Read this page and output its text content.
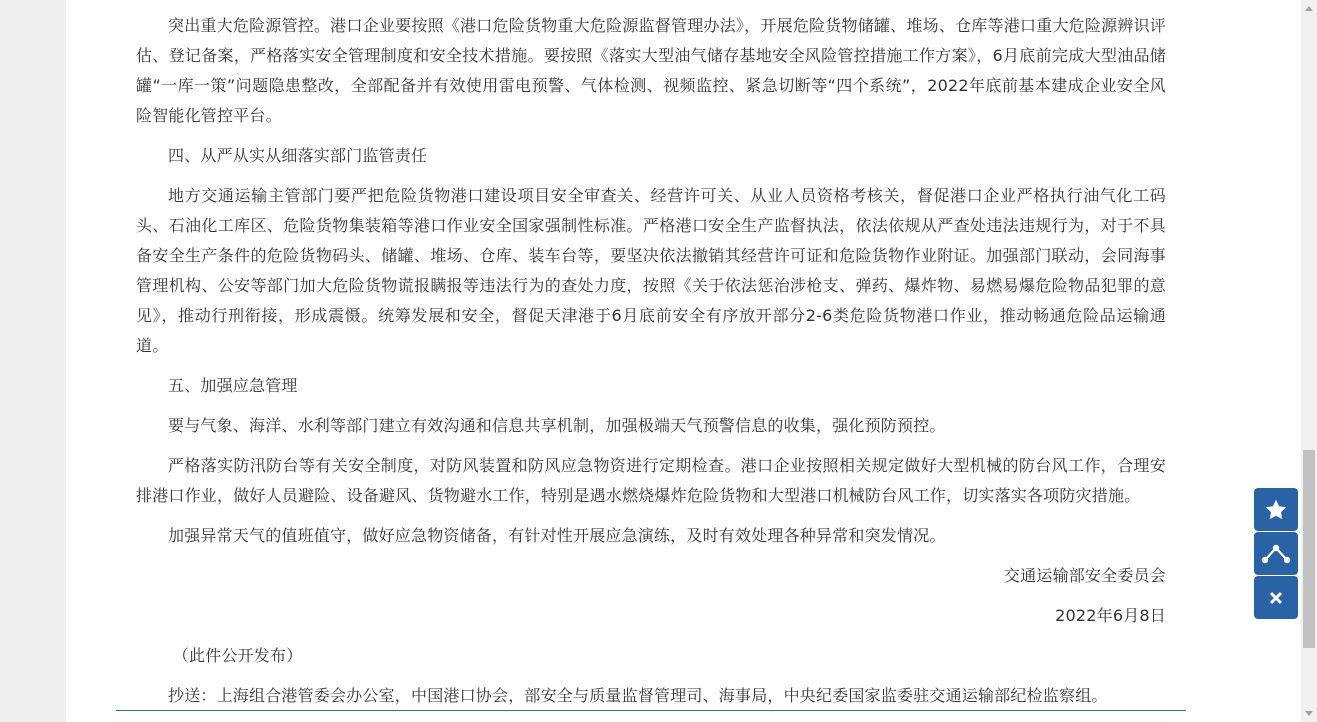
突出重大危险源管控。港口企业要按照《港口危险货物重大危险源监督管理办法》，开展危险货物储罐、堆场、仓库等港口重大危险源辨识评估、登记备案，严格落实安全管理制度和安全技术措施。要按照《落实大型油气储存基地安全风险管控措施工作方案》，6月底前完成大型油品储罐“一库一策”问题隐患整改，全部配备并有效使用雷电预警、气体检测、视频监控、紧急切断等“四个系统”，2022年底前基本建成企业安全风险智能化管控平台。

四、从严从实从细落实部门监管责任

地方交通运输主管部门要严把危险货物港口建设项目安全审查关、经营许可关、从业人员资格考核关，督促港口企业严格执行油气化工码头、石油化工库区、危险货物集装箱等港口作业安全国家强制性标准。严格港口安全生产监督执法，依法依规从严查处违法违规行为，对于不具备安全生产条件的危险货物码头、储罐、堆场、仓库、装车台等，要坚决依法撤销其经营许可证和危险货物作业附证。加强部门联动，会同海事管理机构、公安等部门加大危险货物谎报瞒报等违法行为的查处力度，按照《关于依法惩治涉枪支、弹药、爆炸物、易燃易爆危险物品犯罪的意见》，推动行刑衔接，形成震慑。统筹发展和安全，督促天津港于6月底前安全有序放开部分2-6类危险货物港口作业，推动畅通危险品运输通道。

五、加强应急管理

要与气象、海洋、水利等部门建立有效沟通和信息共享机制，加强极端天气预警信息的收集，强化预防预控。

严格落实防汛防台等有关安全制度，对防风装置和防风应急物资进行定期检查。港口企业按照相关规定做好大型机械的防台风工作，合理安排港口作业，做好人员避险、设备避风、货物避水工作，特别是遇水燃烧爆炸危险货物和大型港口机械防台风工作，切实落实各项防灾措施。

加强异常天气的值班值守，做好应急物资储备，有针对性开展应急演练，及时有效处理各种异常和突发情况。

交通运输部安全委员会

2022年6月8日

（此件公开发布）

抄送：上海组合港管委会办公室，中国港口协会，部安全与质量监督管理司、海事局，中央纪委国家监委驻交通运输部纪检监察组。
